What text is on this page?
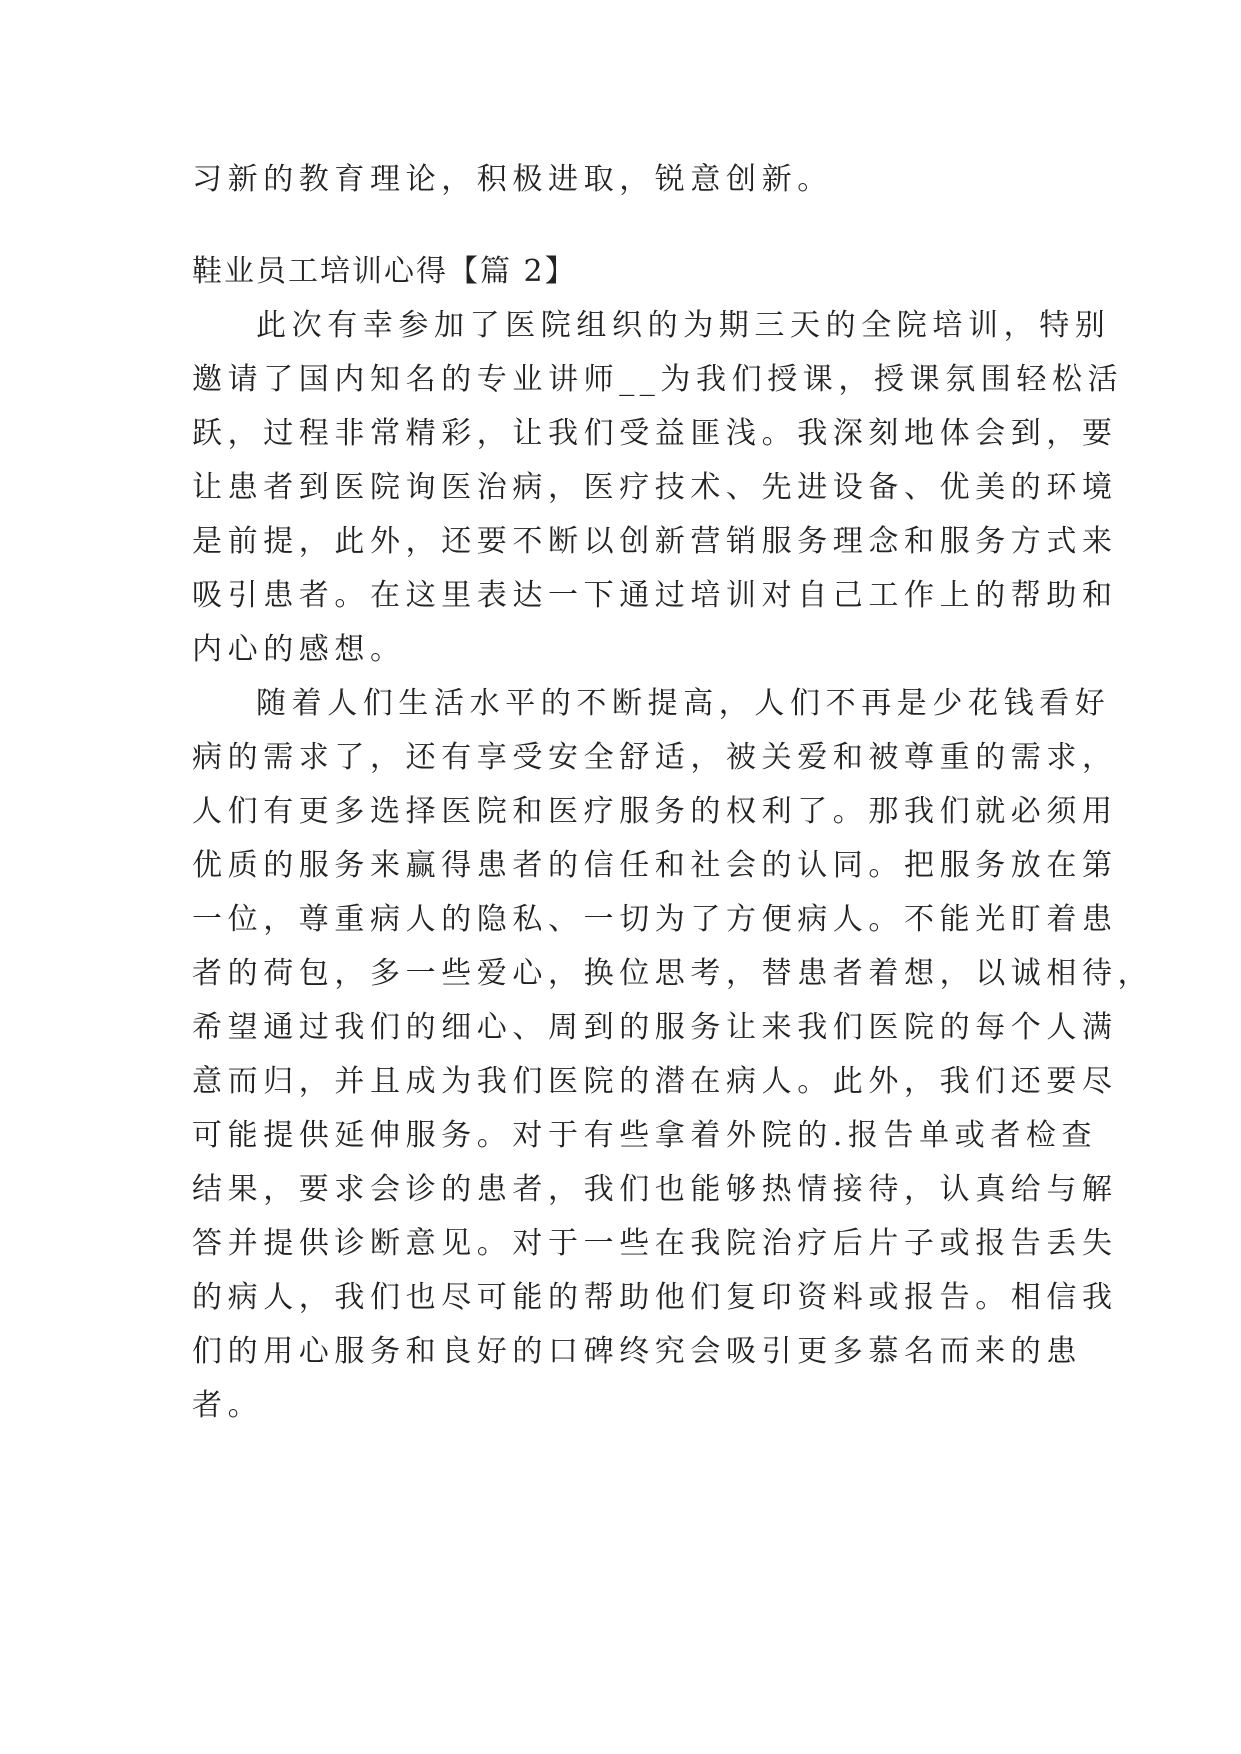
习新的教育理论，积极进取，锐意创新。

鞋业员工培训心得【篇 2】

此次有幸参加了医院组织的为期三天的全院培训，特别

邀请了国内知名的专业讲师__为我们授课，授课氛围轻松活

跃，过程非常精彩，让我们受益匪浅。我深刻地体会到，要

让患者到医院询医治病，医疗技术、先进设备、优美的环境

是前提，此外，还要不断以创新营销服务理念和服务方式来

吸引患者。在这里表达一下通过培训对自己工作上的帮助和

内心的感想。

随着人们生活水平的不断提高，人们不再是少花钱看好

病的需求了，还有享受安全舒适，被关爱和被尊重的需求，

人们有更多选择医院和医疗服务的权利了。那我们就必须用

优质的服务来赢得患者的信任和社会的认同。把服务放在第

一位，尊重病人的隐私、一切为了方便病人。不能光盯着患

者的荷包，多一些爱心，换位思考，替患者着想，以诚相待，

希望通过我们的细心、周到的服务让来我们医院的每个人满

意而归，并且成为我们医院的潜在病人。此外，我们还要尽

可能提供延伸服务。对于有些拿着外院的.报告单或者检查

结果，要求会诊的患者，我们也能够热情接待，认真给与解

答并提供诊断意见。对于一些在我院治疗后片子或报告丢失

的病人，我们也尽可能的帮助他们复印资料或报告。相信我

们的用心服务和良好的口碑终究会吸引更多慕名而来的患

者。
